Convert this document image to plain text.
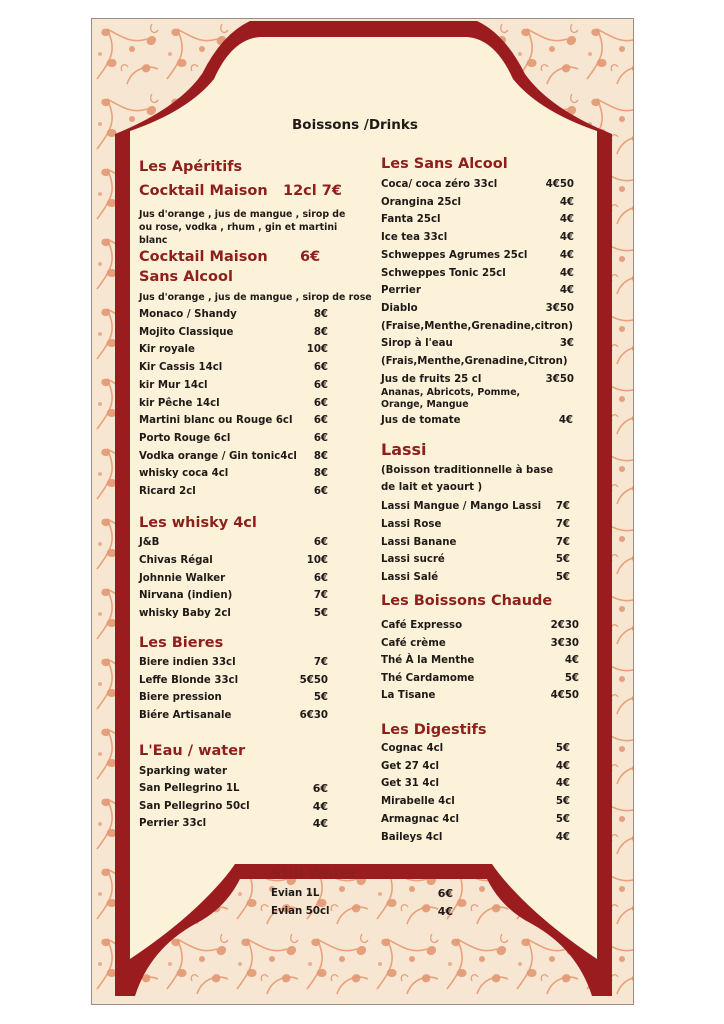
Boissons /Drinks
Les Apéritifs
Cocktail Maison 12cl 7€
Jus d'orange , jus de mangue , sirop de ou rose, vodka , rhum , gin et martini blanc
Cocktail Maison 6€
Sans Alcool
Jus d'orange , jus de mangue , sirop de rose
Monaco / Shandy	8€
Mojito Classique	8€
Kir royale	10€
Kir Cassis 14cl	6€
kir Mur 14cl	6€
kir Pêche 14cl	6€
Martini blanc ou Rouge 6cl 6€
Porto Rouge 6cl	6€
Vodka orange / Gin tonic4cl 8€
whisky coca 4cl	8€
Ricard 2cl	6€
Les whisky 4cl
J&B	6€
Chivas Régal	10€
Johnnie Walker	6€
Nirvana (indien)	7€
whisky Baby 2cl	5€
Les Bieres
Biere indien 33cl	7€
Leffe Blonde 33cl	5€50
Biere pression	5€
Biére Artisanale	6€30
L'Eau / water
Sparking water
San Pellegrino 1L	6€
San Pellegrino 50cl	4€
Perrier 33cl	4€
Still Water
Evian 1L	6€
Evian 50cl	4€
Les Sans Alcool
Coca/ coca zéro 33cl	4€50
Orangina 25cl	4€
Fanta 25cl	4€
Ice tea 33cl	4€
Schweppes Agrumes 25cl	4€
Schweppes Tonic 25cl	4€
Perrier	4€
Diablo	3€50
(Fraise,Menthe,Grenadine,citron)
Sirop à l'eau	3€
(Frais,Menthe,Grenadine,Citron)
Jus de fruits 25 cl	3€50
Ananas, Abricots, Pomme, Orange, Mangue
Jus de tomate	4€
Lassi
(Boisson traditionnelle à base
de lait et yaourt )
Lassi Mangue / Mango Lassi 7€
Lassi Rose	7€
Lassi Banane	7€
Lassi sucré	5€
Lassi Salé	5€
Les Boissons Chaude
Café Expresso	2€30
Café crème	3€30
Thé À la Menthe	4€
Thé Cardamome	5€
La Tisane	4€50
Les Digestifs
Cognac 4cl	5€
Get 27 4cl	4€
Get 31 4cl	4€
Mirabelle 4cl	5€
Armagnac 4cl	5€
Baileys 4cl	4€
